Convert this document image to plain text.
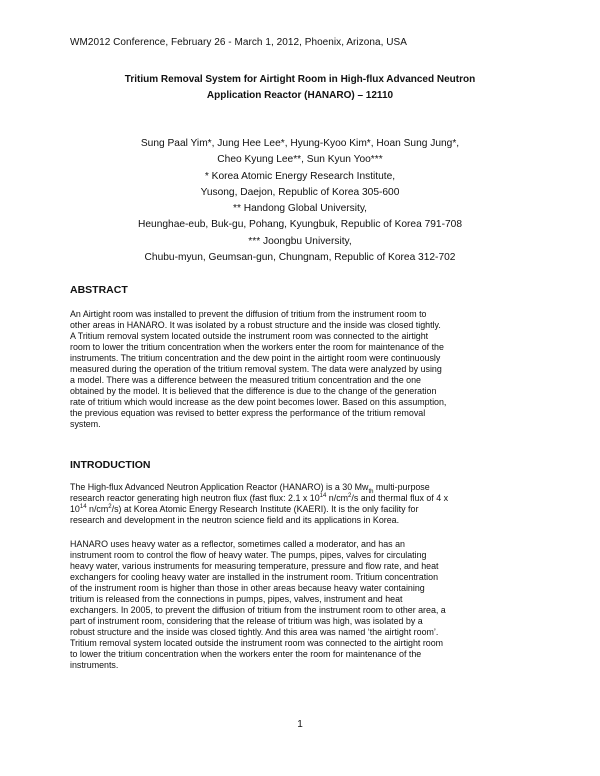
WM2012 Conference, February 26 - March 1, 2012, Phoenix, Arizona, USA
Tritium Removal System for Airtight Room in High-flux Advanced Neutron
Application Reactor (HANARO) – 12110
Sung Paal Yim*, Jung Hee Lee*, Hyung-Kyoo Kim*, Hoan Sung Jung*,
Cheo Kyung Lee**, Sun Kyun Yoo***
* Korea Atomic Energy Research Institute,
Yusong, Daejon, Republic of Korea 305-600
** Handong Global University,
Heunghae-eub, Buk-gu, Pohang, Kyungbuk, Republic of Korea 791-708
*** Joongbu University,
Chubu-myun, Geumsan-gun, Chungnam, Republic of Korea 312-702
ABSTRACT
An Airtight room was installed to prevent the diffusion of tritium from the instrument room to
other areas in HANARO. It was isolated by a robust structure and the inside was closed tightly.
A Tritium removal system located outside the instrument room was connected to the airtight
room to lower the tritium concentration when the workers enter the room for maintenance of the
instruments. The tritium concentration and the dew point in the airtight room were continuously
measured during the operation of the tritium removal system. The data were analyzed by using
a model. There was a difference between the measured tritium concentration and the one
obtained by the model. It is believed that the difference is due to the change of the generation
rate of tritium which would increase as the dew point becomes lower. Based on this assumption,
the previous equation was revised to better express the performance of the tritium removal
system.
INTRODUCTION
The High-flux Advanced Neutron Application Reactor (HANARO) is a 30 $Mw_{th}$ multi-purpose
research reactor generating high neutron flux (fast flux: 2.1 x $10^{14}$ $n/cm^2/s$ and thermal flux of 4 x
$10^{14}$ $n/cm^2/s$) at Korea Atomic Energy Research Institute (KAERI). It is the only facility for
research and development in the neutron science field and its applications in Korea.
HANARO uses heavy water as a reflector, sometimes called a moderator, and has an
instrument room to control the flow of heavy water. The pumps, pipes, valves for circulating
heavy water, various instruments for measuring temperature, pressure and flow rate, and heat
exchangers for cooling heavy water are installed in the instrument room. Tritium concentration
of the instrument room is higher than those in other areas because heavy water containing
tritium is released from the connections in pumps, pipes, valves, instrument and heat
exchangers. In 2005, to prevent the diffusion of tritium from the instrument room to other area, a
part of instrument room, considering that the release of tritium was high, was isolated by a
robust structure and the inside was closed tightly. And this area was named ‘the airtight room’.
Tritium removal system located outside the instrument room was connected to the airtight room
to lower the tritium concentration when the workers enter the room for maintenance of the
instruments.
1
